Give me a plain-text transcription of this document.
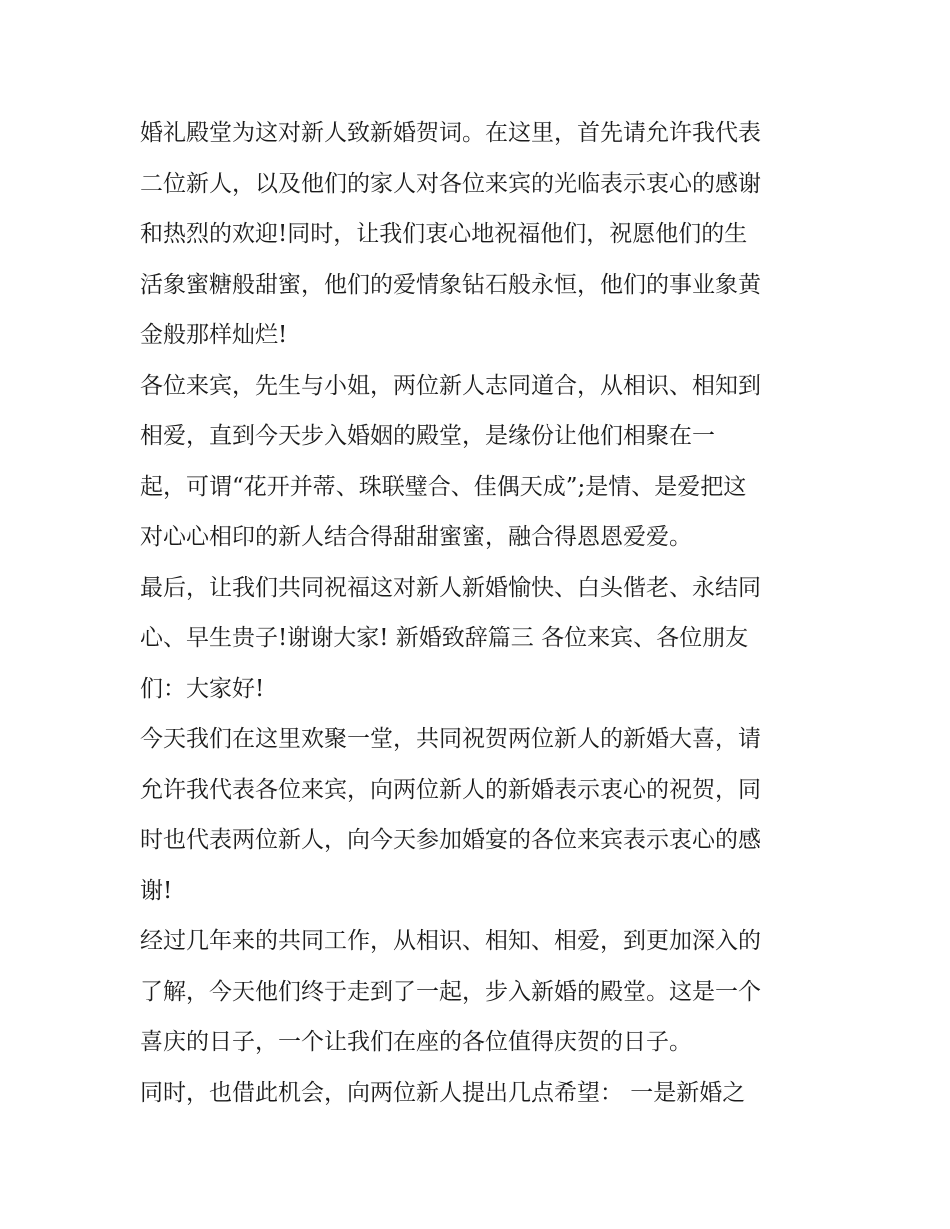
婚礼殿堂为这对新人致新婚贺词。在这里，首先请允许我代表
二位新人，以及他们的家人对各位来宾的光临表示衷心的感谢
和热烈的欢迎!同时，让我们衷心地祝福他们，祝愿他们的生
活象蜜糖般甜蜜，他们的爱情象钻石般永恒，他们的事业象黄
金般那样灿烂!
各位来宾，先生与小姐，两位新人志同道合，从相识、相知到
相爱，直到今天步入婚姻的殿堂，是缘份让他们相聚在一
起，可谓“花开并蒂、珠联璧合、佳偶天成”;是情、是爱把这
对心心相印的新人结合得甜甜蜜蜜，融合得恩恩爱爱。
最后，让我们共同祝福这对新人新婚愉快、白头偕老、永结同
心、早生贵子!谢谢大家! 新婚致辞篇三 各位来宾、各位朋友
们：大家好!
今天我们在这里欢聚一堂，共同祝贺两位新人的新婚大喜，请
允许我代表各位来宾，向两位新人的新婚表示衷心的祝贺，同
时也代表两位新人，向今天参加婚宴的各位来宾表示衷心的感
谢!
经过几年来的共同工作，从相识、相知、相爱，到更加深入的
了解，今天他们终于走到了一起，步入新婚的殿堂。这是一个
喜庆的日子，一个让我们在座的各位值得庆贺的日子。
同时，也借此机会，向两位新人提出几点希望： 一是新婚之
